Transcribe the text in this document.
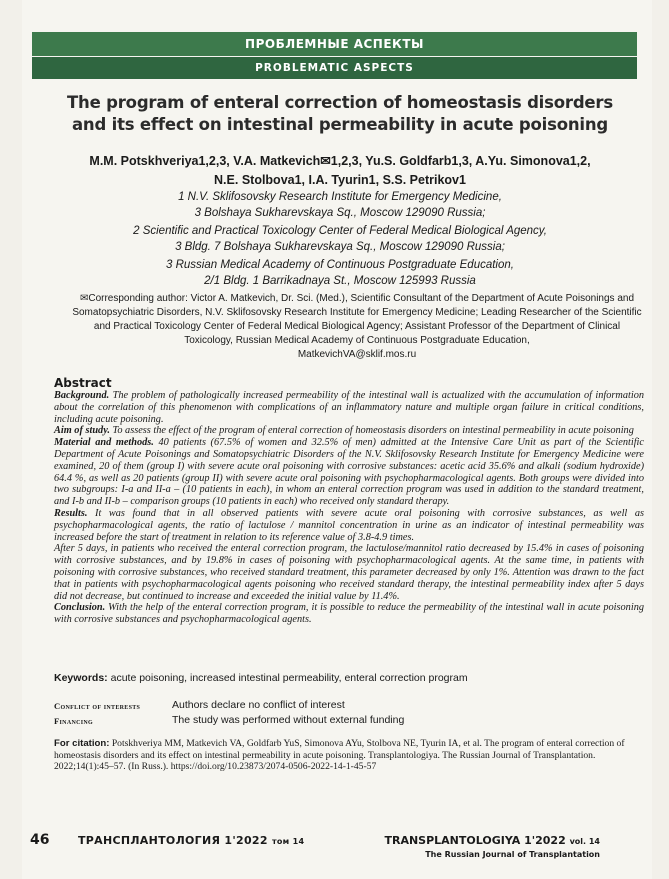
ПРОБЛЕМНЫЕ АСПЕКТЫ
PROBLEMATIC ASPECTS
The program of enteral correction of homeostasis disorders
and its effect on intestinal permeability in acute poisoning
M.M. Potskhveriya1,2,3, V.A. Matkevich✉1,2,3, Yu.S. Goldfarb1,3, A.Yu. Simonova1,2,
N.E. Stolbova1, I.A. Tyurin1, S.S. Petrikov1

1 N.V. Sklifosovsky Research Institute for Emergency Medicine,
3 Bolshaya Sukharevskaya Sq., Moscow 129090 Russia;

2 Scientific and Practical Toxicology Center of Federal Medical Biological Agency,
3 Bldg. 7 Bolshaya Sukharevskaya Sq., Moscow 129090 Russia;

3 Russian Medical Academy of Continuous Postgraduate Education,
2/1 Bldg. 1 Barrikadnaya St., Moscow 125993 Russia

✉Corresponding author: Victor A. Matkevich, Dr. Sci. (Med.), Scientific Consultant of the Department of Acute Poisonings and Somatopsychiatric Disorders, N.V. Sklifosovsky Research Institute for Emergency Medicine; Leading Researcher of the Scientific and Practical Toxicology Center of Federal Medical Biological Agency; Assistant Professor of the Department of Clinical Toxicology, Russian Medical Academy of Continuous Postgraduate Education,
MatkevichVA@sklif.mos.ru
Abstract

Background. The problem of pathologically increased permeability of the intestinal wall is actualized with the accumulation of information about the correlation of this phenomenon with complications of an inflammatory nature and multiple organ failure in critical conditions, including acute poisoning.

Aim of study. To assess the effect of the program of enteral correction of homeostasis disorders on intestinal permeability in acute poisoning

Material and methods. 40 patients (67.5% of women and 32.5% of men) admitted at the Intensive Care Unit as part of the Scientific Department of Acute Poisonings and Somatopsychiatric Disorders of the N.V. Sklifosovsky Research Institute for Emergency Medicine were examined, 20 of them (group I) with severe acute oral poisoning with corrosive substances: acetic acid 35.6% and alkali (sodium hydroxide) 64.4 %, as well as 20 patients (group II) with severe acute oral poisoning with psychopharmacological agents. Both groups were divided into two subgroups: I-a and II-a – (10 patients in each), in whom an enteral correction program was used in addition to the standard treatment, and I-b and II-b – comparison groups (10 patients in each) who received only standard therapy.

Results. It was found that in all observed patients with severe acute oral poisoning with corrosive substances, as well as psychopharmacological agents, the ratio of lactulose / mannitol concentration in urine as an indicator of intestinal permeability was increased before the start of treatment in relation to its reference value of 3.8-4.9 times.

After 5 days, in patients who received the enteral correction program, the lactulose/mannitol ratio decreased by 15.4% in cases of poisoning with corrosive substances, and by 19.8% in cases of poisoning with psychopharmacological agents. At the same time, in patients with poisoning with corrosive substances, who received standard treatment, this parameter decreased by only 1%. Attention was drawn to the fact that in patients with psychopharmacological agents poisoning who received standard therapy, the intestinal permeability index after 5 days did not decrease, but continued to increase and exceeded the initial value by 11.4%.

Conclusion. With the help of the enteral correction program, it is possible to reduce the permeability of the intestinal wall in acute poisoning with corrosive substances and psychopharmacological agents.

Keywords: acute poisoning, increased intestinal permeability, enteral correction program
Conflict of interests	Authors declare no conflict of interest
Financing	The study was performed without external funding
For citation: Potskhveriya MM, Matkevich VA, Goldfarb YuS, Simonova AYu, Stolbova NE, Tyurin IA, et al. The program of enteral correction of homeostasis disorders and its effect on intestinal permeability in acute poisoning. Transplantologiya. The Russian Journal of Transplantation. 2022;14(1):45–57. (In Russ.). https://doi.org/10.23873/2074-0506-2022-14-1-45-57
46	ТРАНСПЛАНТОЛОГИЯ 1'2022 том 14	TRANSPLANTOLOGIYA 1'2022 vol. 14
The Russian Journal of Transplantation
